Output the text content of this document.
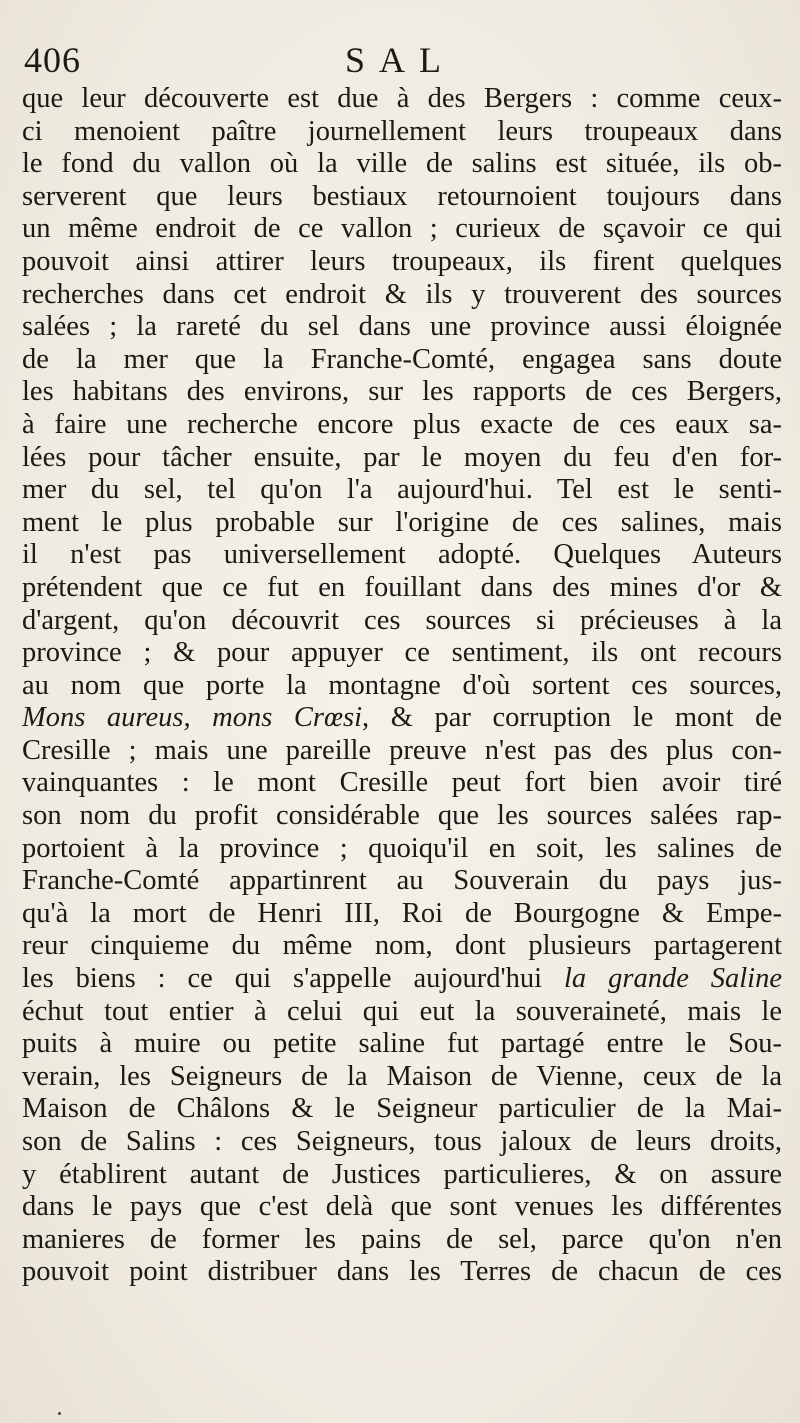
406	SAL
que leur découverte est due à des Bergers : comme ceux-
ci menoient paître journellement leurs troupeaux dans
le fond du vallon où la ville de salins est située, ils ob-
serverent que leurs bestiaux retournoient toujours dans
un même endroit de ce vallon ; curieux de sçavoir ce qui
pouvoit ainsi attirer leurs troupeaux, ils firent quelques
recherches dans cet endroit & ils y trouverent des sources
salées ; la rareté du sel dans une province aussi éloignée
de la mer que la Franche-Comté, engagea sans doute
les habitans des environs, sur les rapports de ces Bergers,
à faire une recherche encore plus exacte de ces eaux sa-
lées pour tâcher ensuite, par le moyen du feu d'en for-
mer du sel, tel qu'on l'a aujourd'hui. Tel est le senti-
ment le plus probable sur l'origine de ces salines, mais
il n'est pas universellement adopté. Quelques Auteurs
prétendent que ce fut en fouillant dans des mines d'or &
d'argent, qu'on découvrit ces sources si précieuses à la
province ; & pour appuyer ce sentiment, ils ont recours
au nom que porte la montagne d'où sortent ces sources,
Mons aureus, mons Crœsi, & par corruption le mont de
Cresille ; mais une pareille preuve n'est pas des plus con-
vainquantes : le mont Cresille peut fort bien avoir tiré
son nom du profit considérable que les sources salées rap-
portoient à la province ; quoiqu'il en soit, les salines de
Franche-Comté appartinrent au Souverain du pays jus-
qu'à la mort de Henri III, Roi de Bourgogne & Empe-
reur cinquieme du même nom, dont plusieurs partagerent
les biens : ce qui s'appelle aujourd'hui la grande Saline
échut tout entier à celui qui eut la souveraineté, mais le
puits à muire ou petite saline fut partagé entre le Sou-
verain, les Seigneurs de la Maison de Vienne, ceux de la
Maison de Châlons & le Seigneur particulier de la Mai-
son de Salins : ces Seigneurs, tous jaloux de leurs droits,
y établirent autant de Justices particulieres, & on assure
dans le pays que c'est delà que sont venues les différentes
manieres de former les pains de sel, parce qu'on n'en
pouvoit point distribuer dans les Terres de chacun de ces
